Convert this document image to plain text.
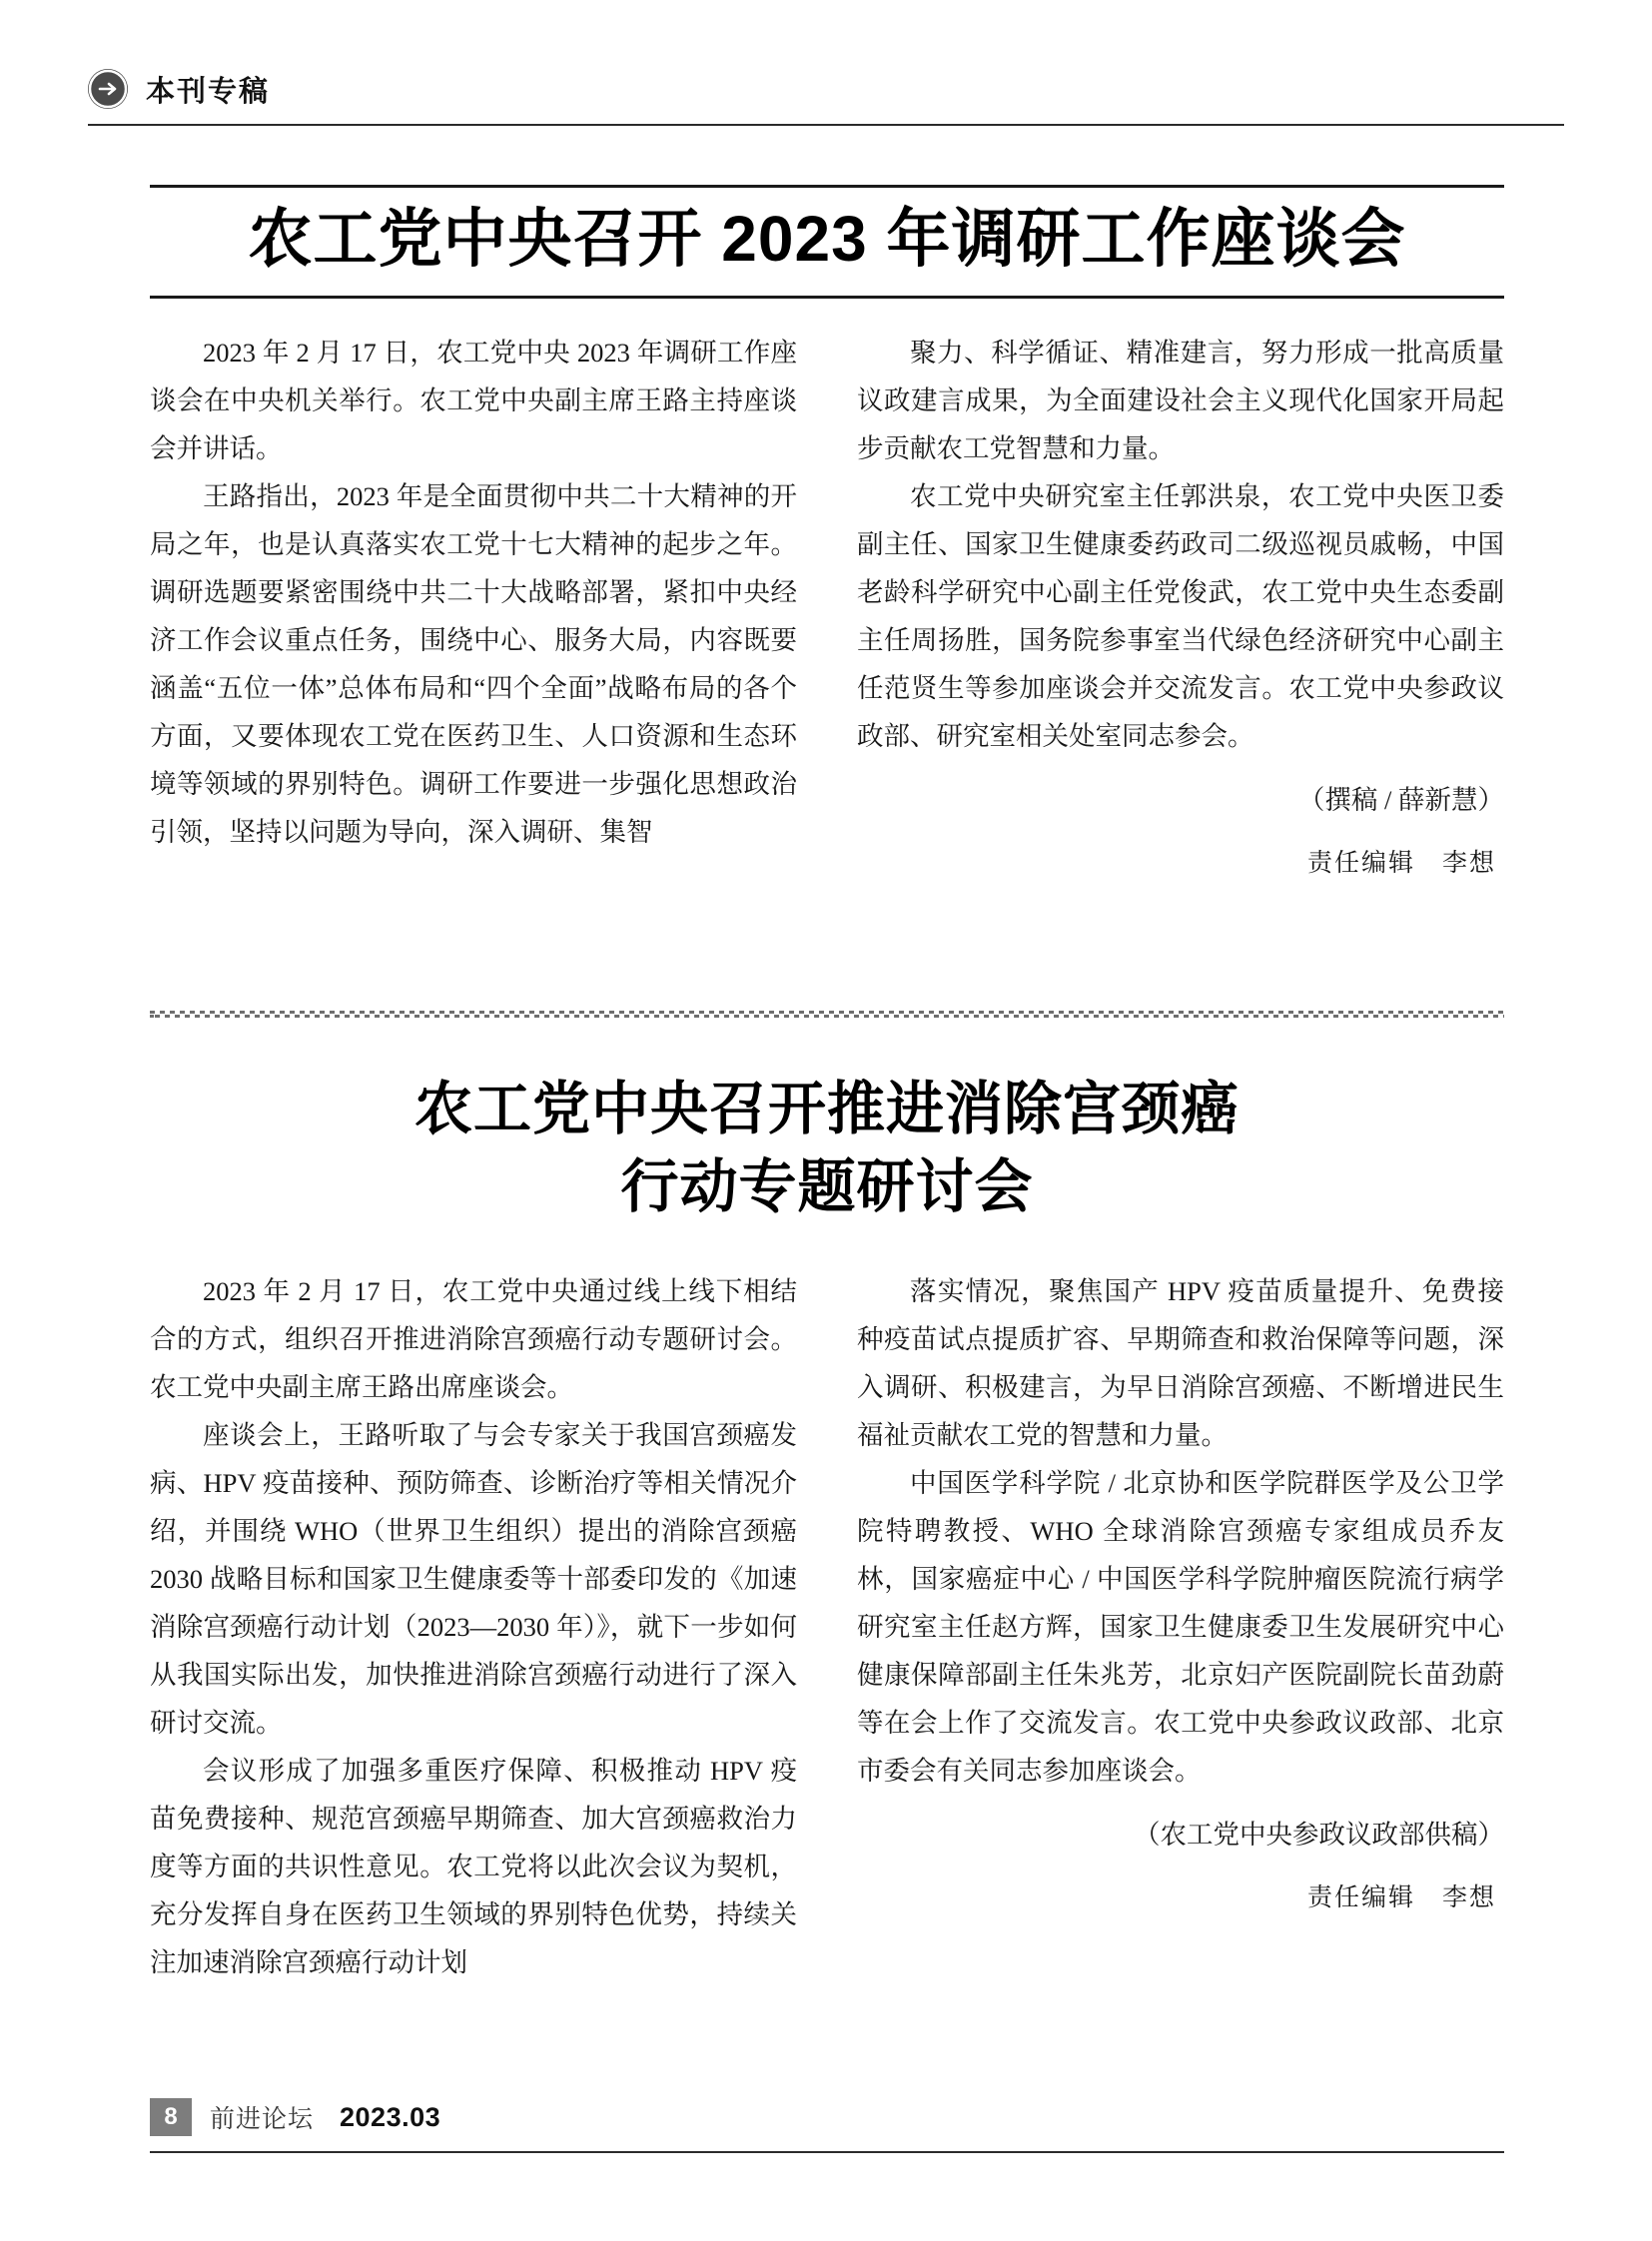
本刊专稿
农工党中央召开 2023 年调研工作座谈会

2023 年 2 月 17 日，农工党中央 2023 年调研工作座谈会在中央机关举行。农工党中央副主席王路主持座谈会并讲话。

王路指出，2023 年是全面贯彻中共二十大精神的开局之年，也是认真落实农工党十七大精神的起步之年。调研选题要紧密围绕中共二十大战略部署，紧扣中央经济工作会议重点任务，围绕中心、服务大局，内容既要涵盖“五位一体”总体布局和“四个全面”战略布局的各个方面，又要体现农工党在医药卫生、人口资源和生态环境等领域的界别特色。调研工作要进一步强化思想政治引领，坚持以问题为导向，深入调研、集智

聚力、科学循证、精准建言，努力形成一批高质量议政建言成果，为全面建设社会主义现代化国家开局起步贡献农工党智慧和力量。

农工党中央研究室主任郭洪泉，农工党中央医卫委副主任、国家卫生健康委药政司二级巡视员戚畅，中国老龄科学研究中心副主任党俊武，农工党中央生态委副主任周扬胜，国务院参事室当代绿色经济研究中心副主任范贤生等参加座谈会并交流发言。农工党中央参政议政部、研究室相关处室同志参会。

（撰稿 / 薛新慧）
责任编辑　李想
农工党中央召开推进消除宫颈癌
行动专题研讨会

2023 年 2 月 17 日，农工党中央通过线上线下相结合的方式，组织召开推进消除宫颈癌行动专题研讨会。农工党中央副主席王路出席座谈会。

座谈会上，王路听取了与会专家关于我国宫颈癌发病、HPV 疫苗接种、预防筛查、诊断治疗等相关情况介绍，并围绕 WHO（世界卫生组织）提出的消除宫颈癌 2030 战略目标和国家卫生健康委等十部委印发的《加速消除宫颈癌行动计划（2023—2030 年）》，就下一步如何从我国实际出发，加快推进消除宫颈癌行动进行了深入研讨交流。

会议形成了加强多重医疗保障、积极推动 HPV 疫苗免费接种、规范宫颈癌早期筛查、加大宫颈癌救治力度等方面的共识性意见。农工党将以此次会议为契机，充分发挥自身在医药卫生领域的界别特色优势，持续关注加速消除宫颈癌行动计划

落实情况，聚焦国产 HPV 疫苗质量提升、免费接种疫苗试点提质扩容、早期筛查和救治保障等问题，深入调研、积极建言，为早日消除宫颈癌、不断增进民生福祉贡献农工党的智慧和力量。

中国医学科学院 / 北京协和医学院群医学及公卫学院特聘教授、WHO 全球消除宫颈癌专家组成员乔友林，国家癌症中心 / 中国医学科学院肿瘤医院流行病学研究室主任赵方辉，国家卫生健康委卫生发展研究中心健康保障部副主任朱兆芳，北京妇产医院副院长苗劲蔚等在会上作了交流发言。农工党中央参政议政部、北京市委会有关同志参加座谈会。

（农工党中央参政议政部供稿）
责任编辑　李想
8	前进论坛 2023.03
